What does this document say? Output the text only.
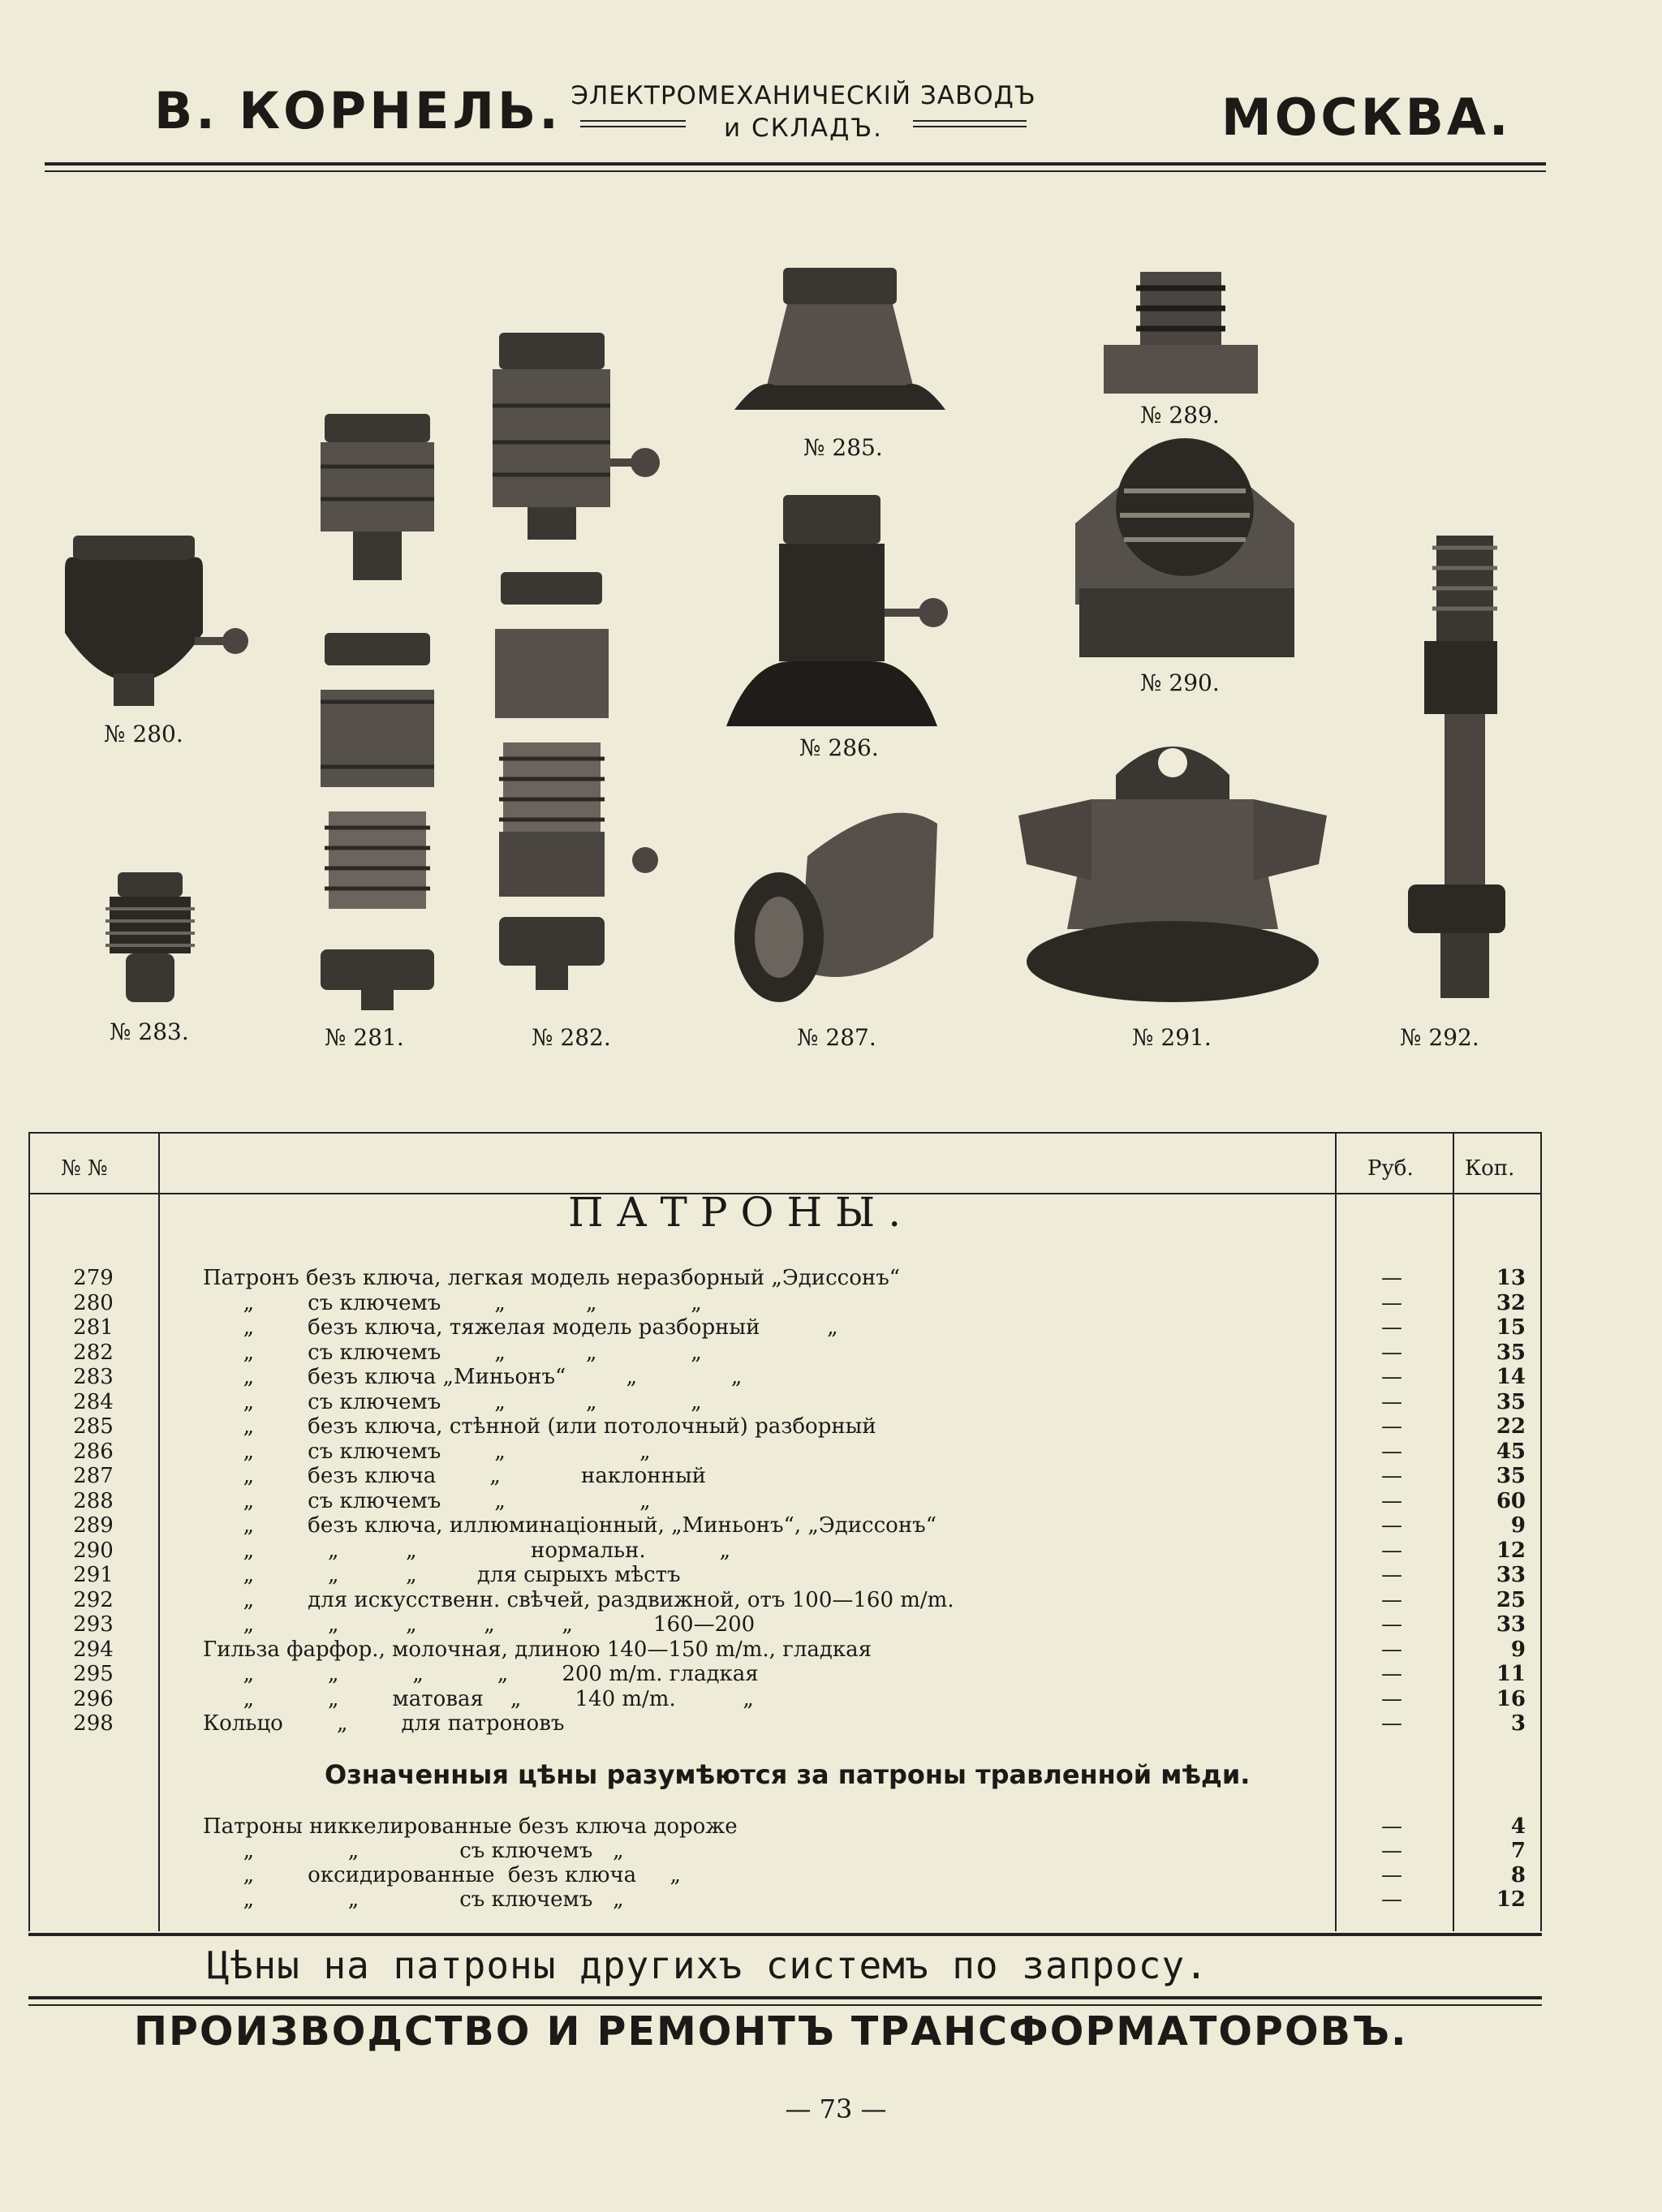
В. КОРНЕЛЬ. ЭЛЕКТРОМЕХАНИЧЕСКIЙ ЗАВОДЪ
и СКЛАДЪ.	МОСКВА.
№ 280.
№ 283.	№ 281.	№ 282.
№ 285.
№ 286.
№ 287.
№ 289.
№ 290.
№ 291.	№ 292.
№ №	Руб. Коп.
ПАТРОНЫ.
279	Патронъ безъ ключа, легкая модель неразборный „Эдиссонъ“	—	13
280	„        съ ключемъ        „            „              „	—	32
281	„        безъ ключа, тяжелая модель разборный          „	—	15
282	„        съ ключемъ        „            „              „	—	35
283	„        безъ ключа „Миньонъ“         „              „	—	14
284	„        съ ключемъ        „            „              „	—	35
285	„        безъ ключа, стѣнной (или потолочный) разборный	—	22
286	„        съ ключемъ        „                    „	—	45
287	„        безъ ключа        „            наклонный	—	35
288	„        съ ключемъ        „                    „	—	60
289	„        безъ ключа, иллюминацiонный, „Миньонъ“, „Эдиссонъ“	—	9
290	„           „          „                 нормальн.           „	—	12
291	„           „          „         для сырыхъ мѣстъ	—	33
292	„        для искусственн. свѣчей, раздвижной, отъ 100—160 m/m.	—	25
293	„           „          „          „          „            160—200	—	33
294	Гильза фарфор., молочная, длиною 140—150 m/m., гладкая	—	9
295	„           „           „           „        200 m/m. гладкая	—	11
296	„           „        матовая    „        140 m/m.          „	—	16
298	Кольцо        „        для патроновъ	—	3
Означенныя цѣны разумѣются за патроны травленной мѣди.
Патроны никкелированные безъ ключа дороже	—	4
„              „               съ ключемъ   „	—	7
„        оксидированные  безъ ключа     „	—	8
„              „               съ ключемъ   „	—	12
Цѣны на патроны другихъ системъ по запросу.
ПРОИЗВОДСТВО И РЕМОНТЪ ТРАНСФОРМАТОРОВЪ.
— 73 —
